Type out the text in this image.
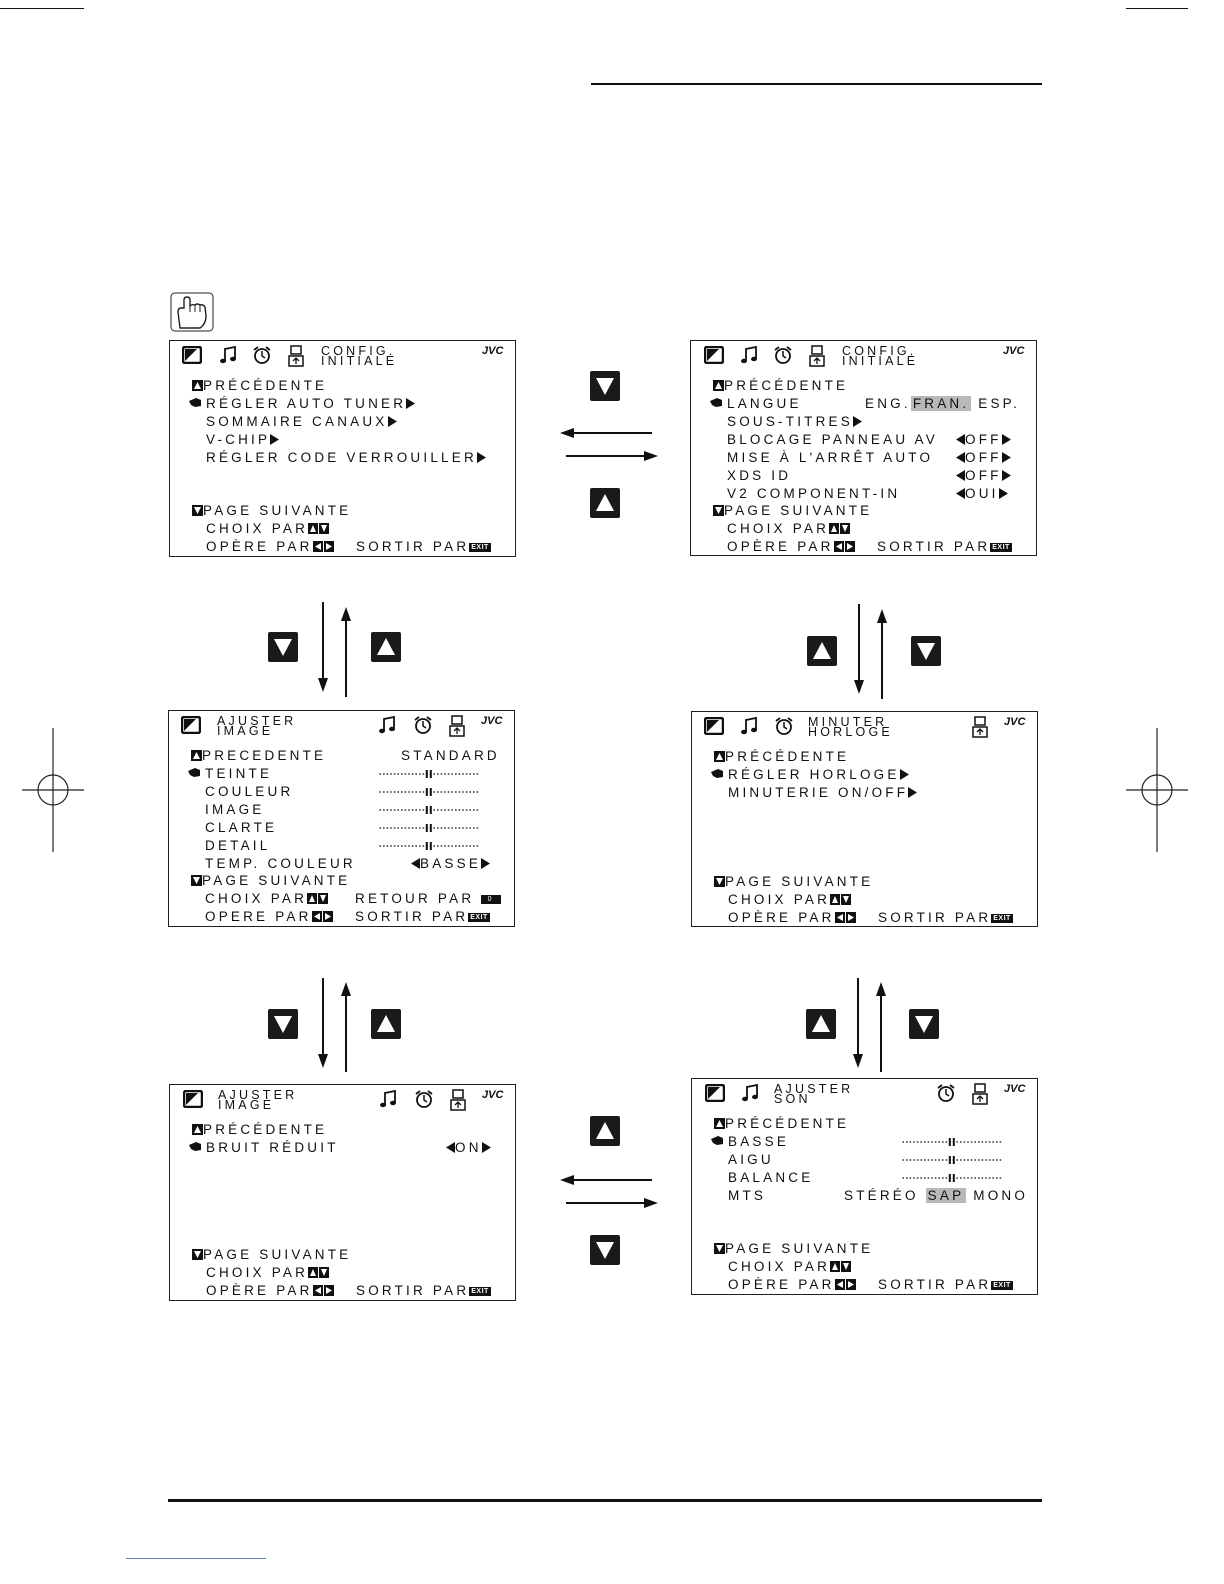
CONFIG.
INITIALE
JVC
PRÉCÉDENTE
RÉGLER AUTO TUNER
SOMMAIRE CANAUX
V-CHIP
RÉGLER CODE VERROUILLER
PAGE SUIVANTE
CHOIX PAR
OPÈRE PAR	SORTIR PAR EXIT
CONFIG.
INITIALE
JVC
PRÉCÉDENTE
LANGUE	ENG. FRAN. ESP.
SOUS-TITRES
BLOCAGE PANNEAU AV	OFF
MISE À L'ARRÊT AUTO	OFF
XDS ID	OFF
V2 COMPONENT-IN	OUI
PAGE SUIVANTE
CHOIX PAR
OPÈRE PAR	SORTIR PAR EXIT
AJUSTER
IMAGE
JVC
PRECEDENTE	STANDARD
TEINTE
COULEUR
IMAGE
CLARTE
DETAIL
TEMP. COULEUR	BASSE
PAGE SUIVANTE
CHOIX PAR	RETOUR PAR 0
OPERE PAR	SORTIR PAR EXIT
MINUTER
HORLOGE
JVC
PRÉCÉDENTE
RÉGLER HORLOGE
MINUTERIE ON/OFF
PAGE SUIVANTE
CHOIX PAR
OPÈRE PAR	SORTIR PAR EXIT
AJUSTER
IMAGE
JVC
PRÉCÉDENTE
BRUIT RÉDUIT	ON
PAGE SUIVANTE
CHOIX PAR
OPÈRE PAR	SORTIR PAR EXIT
AJUSTER
SON
JVC
PRÉCÉDENTE
BASSE
AIGU
BALANCE
MTS	STÉRÉO SAP MONO
PAGE SUIVANTE
CHOIX PAR
OPÈRE PAR	SORTIR PAR EXIT
